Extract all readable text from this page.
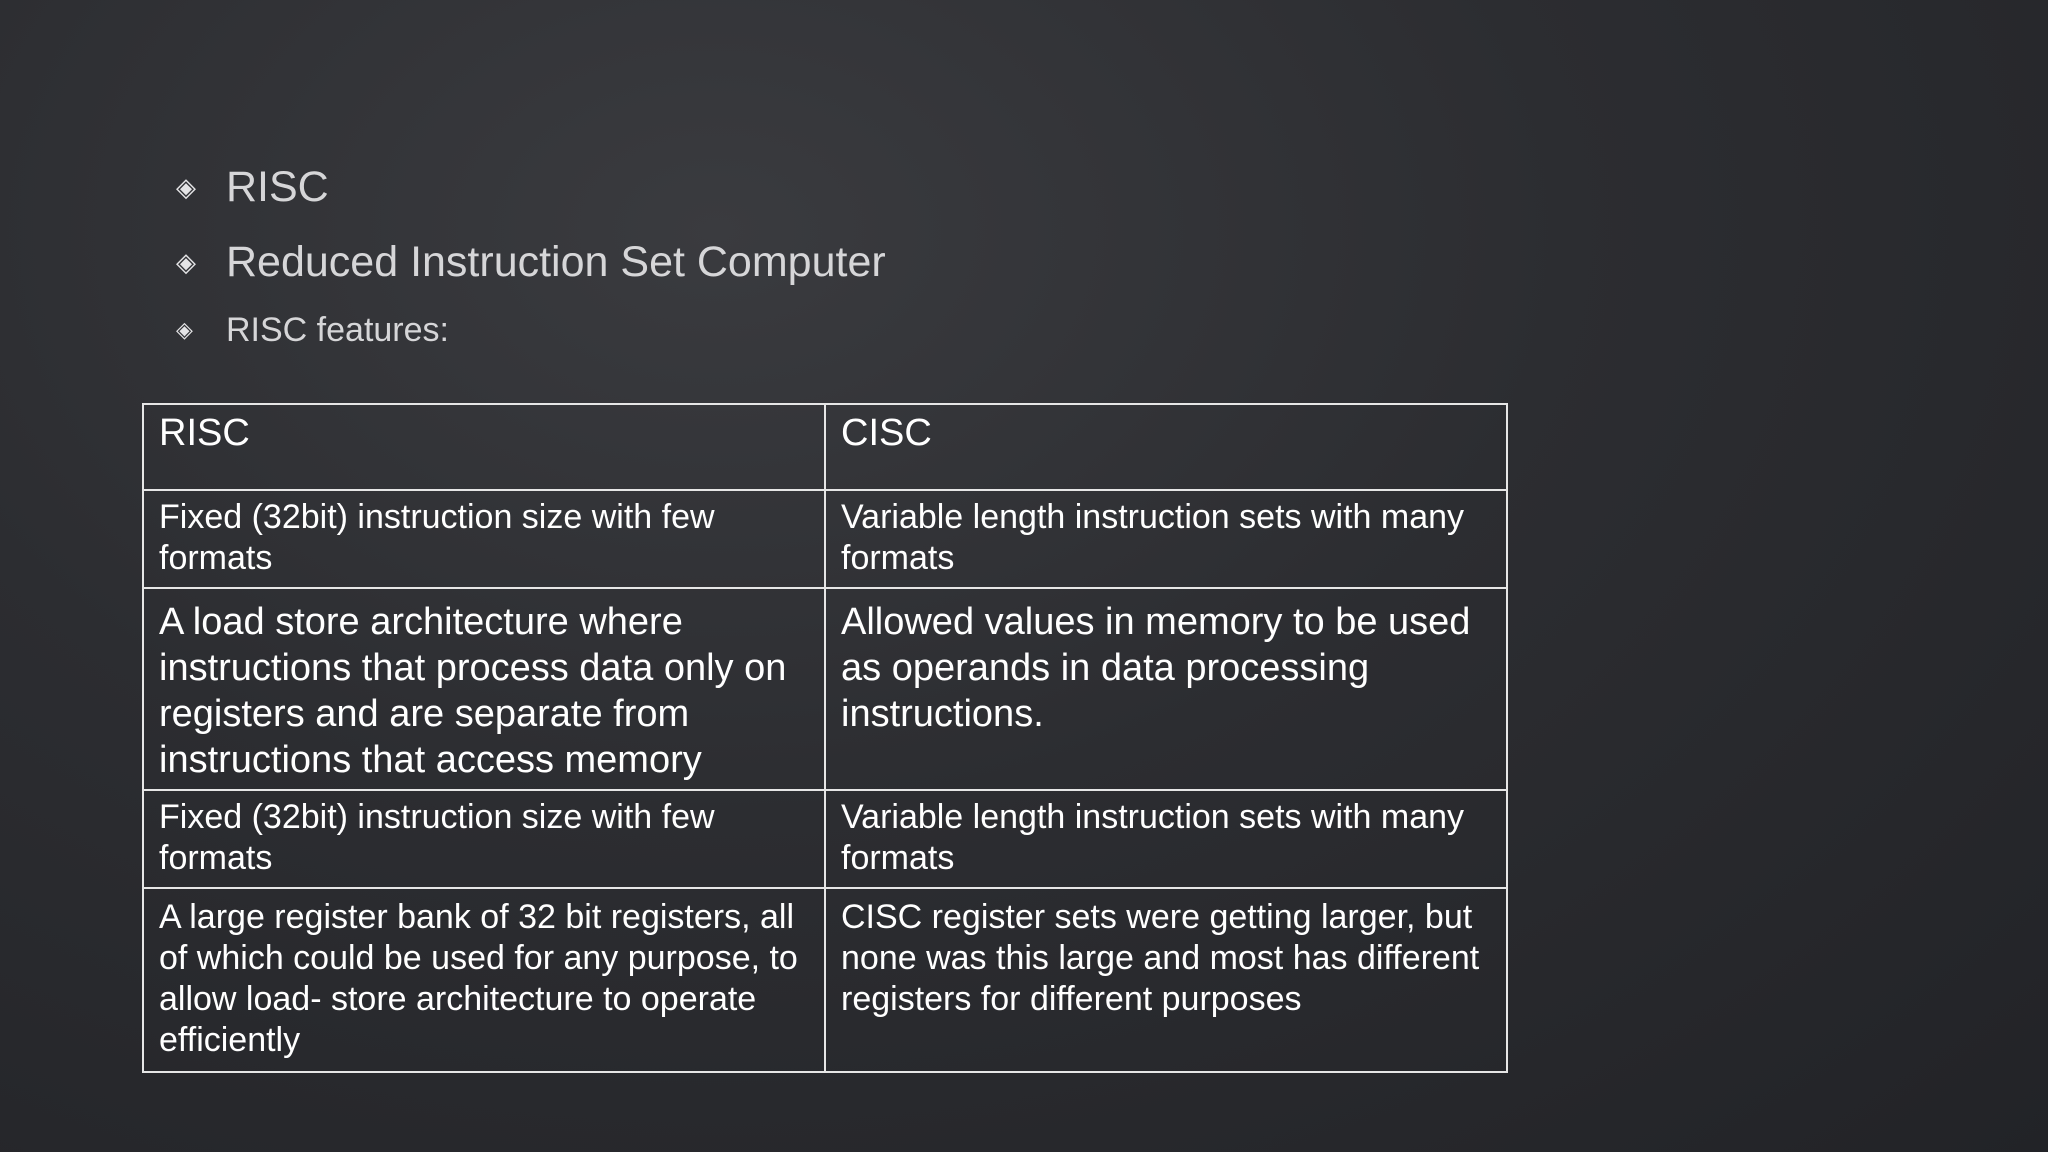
◈ RISC
◈ Reduced Instruction Set Computer
◈ RISC features:
RISC	CISC
Fixed (32bit) instruction size with few formats	Variable length instruction sets with many formats
A load store architecture where instructions that process data only on registers and are separate from instructions that access memory	Allowed values in memory to be used as operands in data processing instructions.
Fixed (32bit) instruction size with few formats	Variable length instruction sets with many formats
A large register bank of 32 bit registers, all of which could be used for any purpose, to allow load- store architecture to operate efficiently	CISC register sets were getting larger, but none was this large and most has different registers for different purposes
